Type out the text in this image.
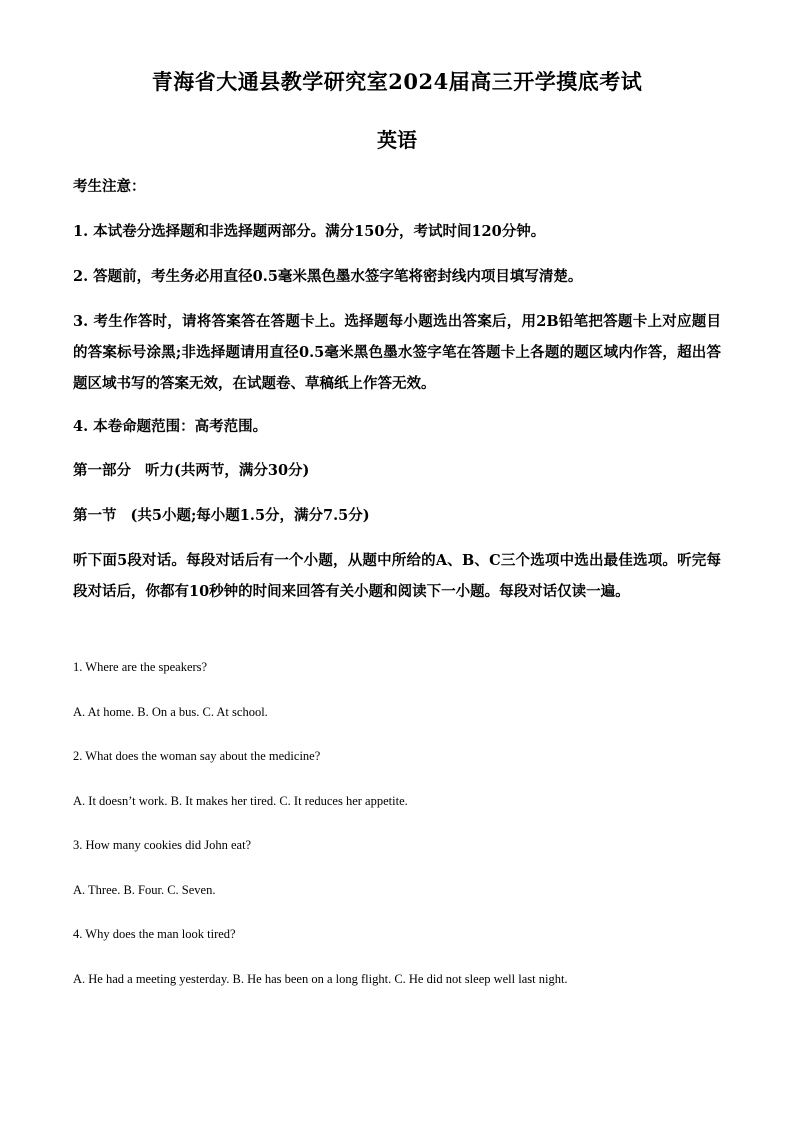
青海省大通县教学研究室2024届高三开学摸底考试
英语
考生注意：
1. 本试卷分选择题和非选择题两部分。满分150分，考试时间120分钟。
2. 答题前，考生务必用直径0.5毫米黑色墨水签字笔将密封线内项目填写清楚。
3. 考生作答时，请将答案答在答题卡上。选择题每小题选出答案后，用2B铅笔把答题卡上对应题目的答案标号涂黑;非选择题请用直径0.5毫米黑色墨水签字笔在答题卡上各题的题区域内作答，超出答题区域书写的答案无效，在试题卷、草稿纸上作答无效。
4. 本卷命题范围：高考范围。
第一部分 听力(共两节，满分30分)
第一节 (共5小题;每小题1.5分，满分7.5分)
听下面5段对话。每段对话后有一个小题，从题中所给的A、B、C三个选项中选出最佳选项。听完每段对话后，你都有10秒钟的时间来回答有关小题和阅读下一小题。每段对话仅读一遍。
1. Where are the speakers?
A. At home. B. On a bus. C. At school.
2. What does the woman say about the medicine?
A. It doesn’t work. B. It makes her tired. C. It reduces her appetite.
3. How many cookies did John eat?
A. Three. B. Four. C. Seven.
4. Why does the man look tired?
A. He had a meeting yesterday. B. He has been on a long flight. C. He did not sleep well last night.
